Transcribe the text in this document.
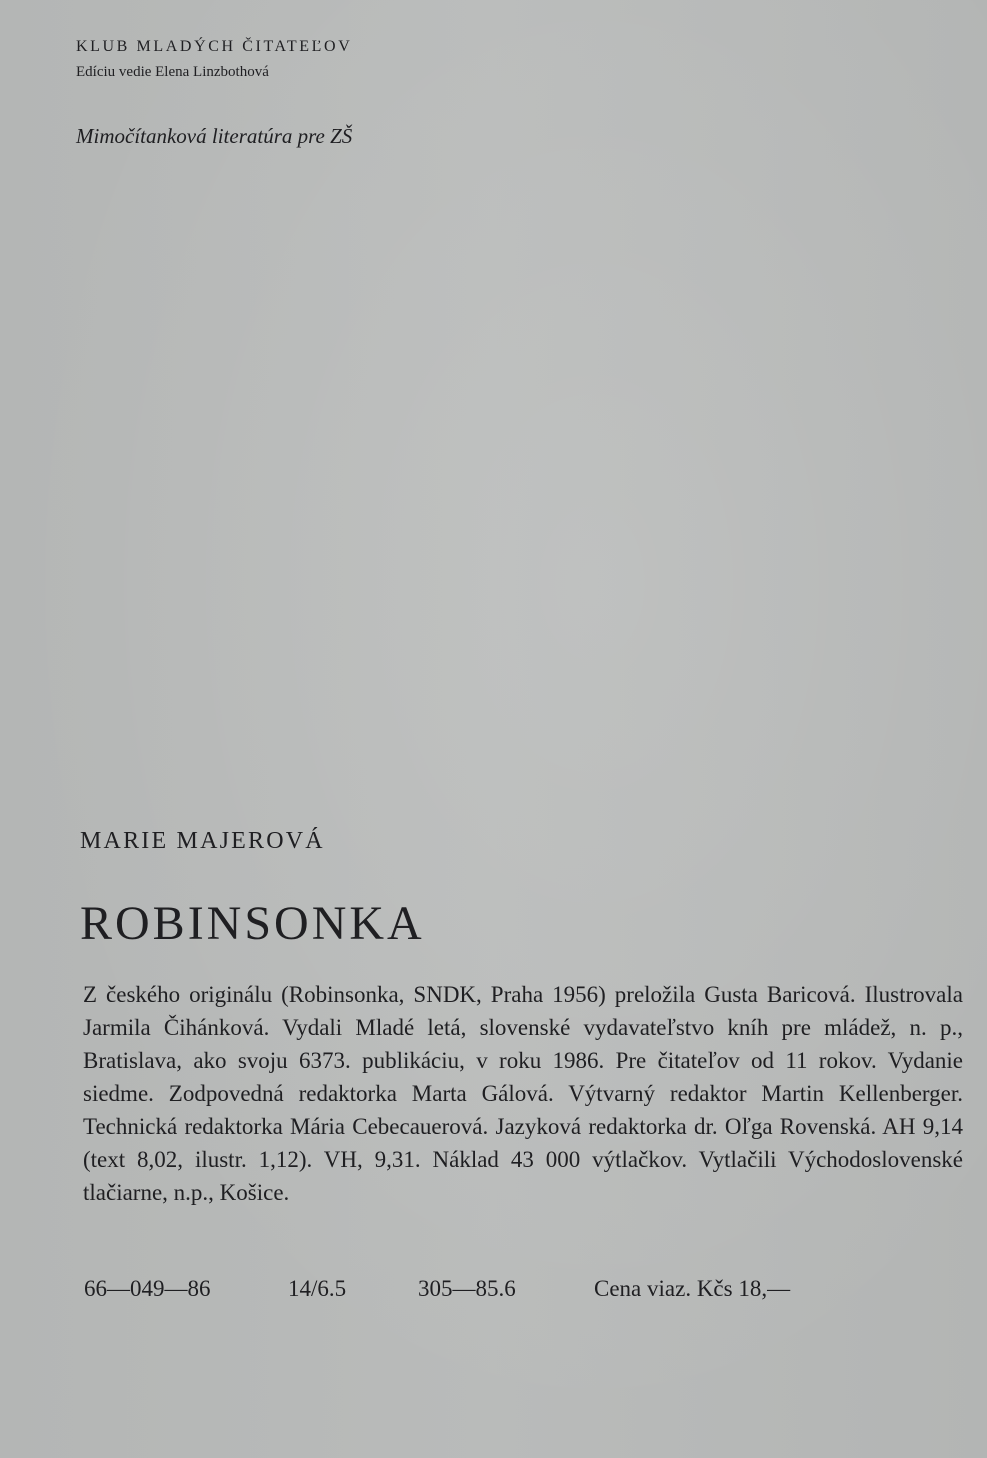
KLUB MLADÝCH ČITATEĽOV
Edíciu vedie Elena Linzbothová
Mimočítanková literatúra pre ZŠ
MARIE MAJEROVÁ
ROBINSONKA

Z českého originálu (Robinsonka, SNDK, Praha 1956) preložila Gusta Baricová. Ilustrovala Jarmila Čihánková. Vydali Mladé letá, slovenské vydavateľstvo kníh pre mládež, n. p., Bratislava, ako svoju 6373. publikáciu, v roku 1986. Pre čitateľov od 11 rokov. Vydanie siedme. Zodpovedná redaktorka Marta Gálová. Výtvarný redaktor Martin Kellenberger. Technická redaktorka Mária Cebecauerová. Jazyková redaktorka dr. Oľga Rovenská. AH 9,14 (text 8,02, ilustr. 1,12). VH, 9,31. Náklad 43 000 výtlačkov. Vytlačili Východoslovenské tlačiarne, n.p., Košice.

66—049—86	14/6.5	305—85.6	Cena viaz. Kčs 18,—
